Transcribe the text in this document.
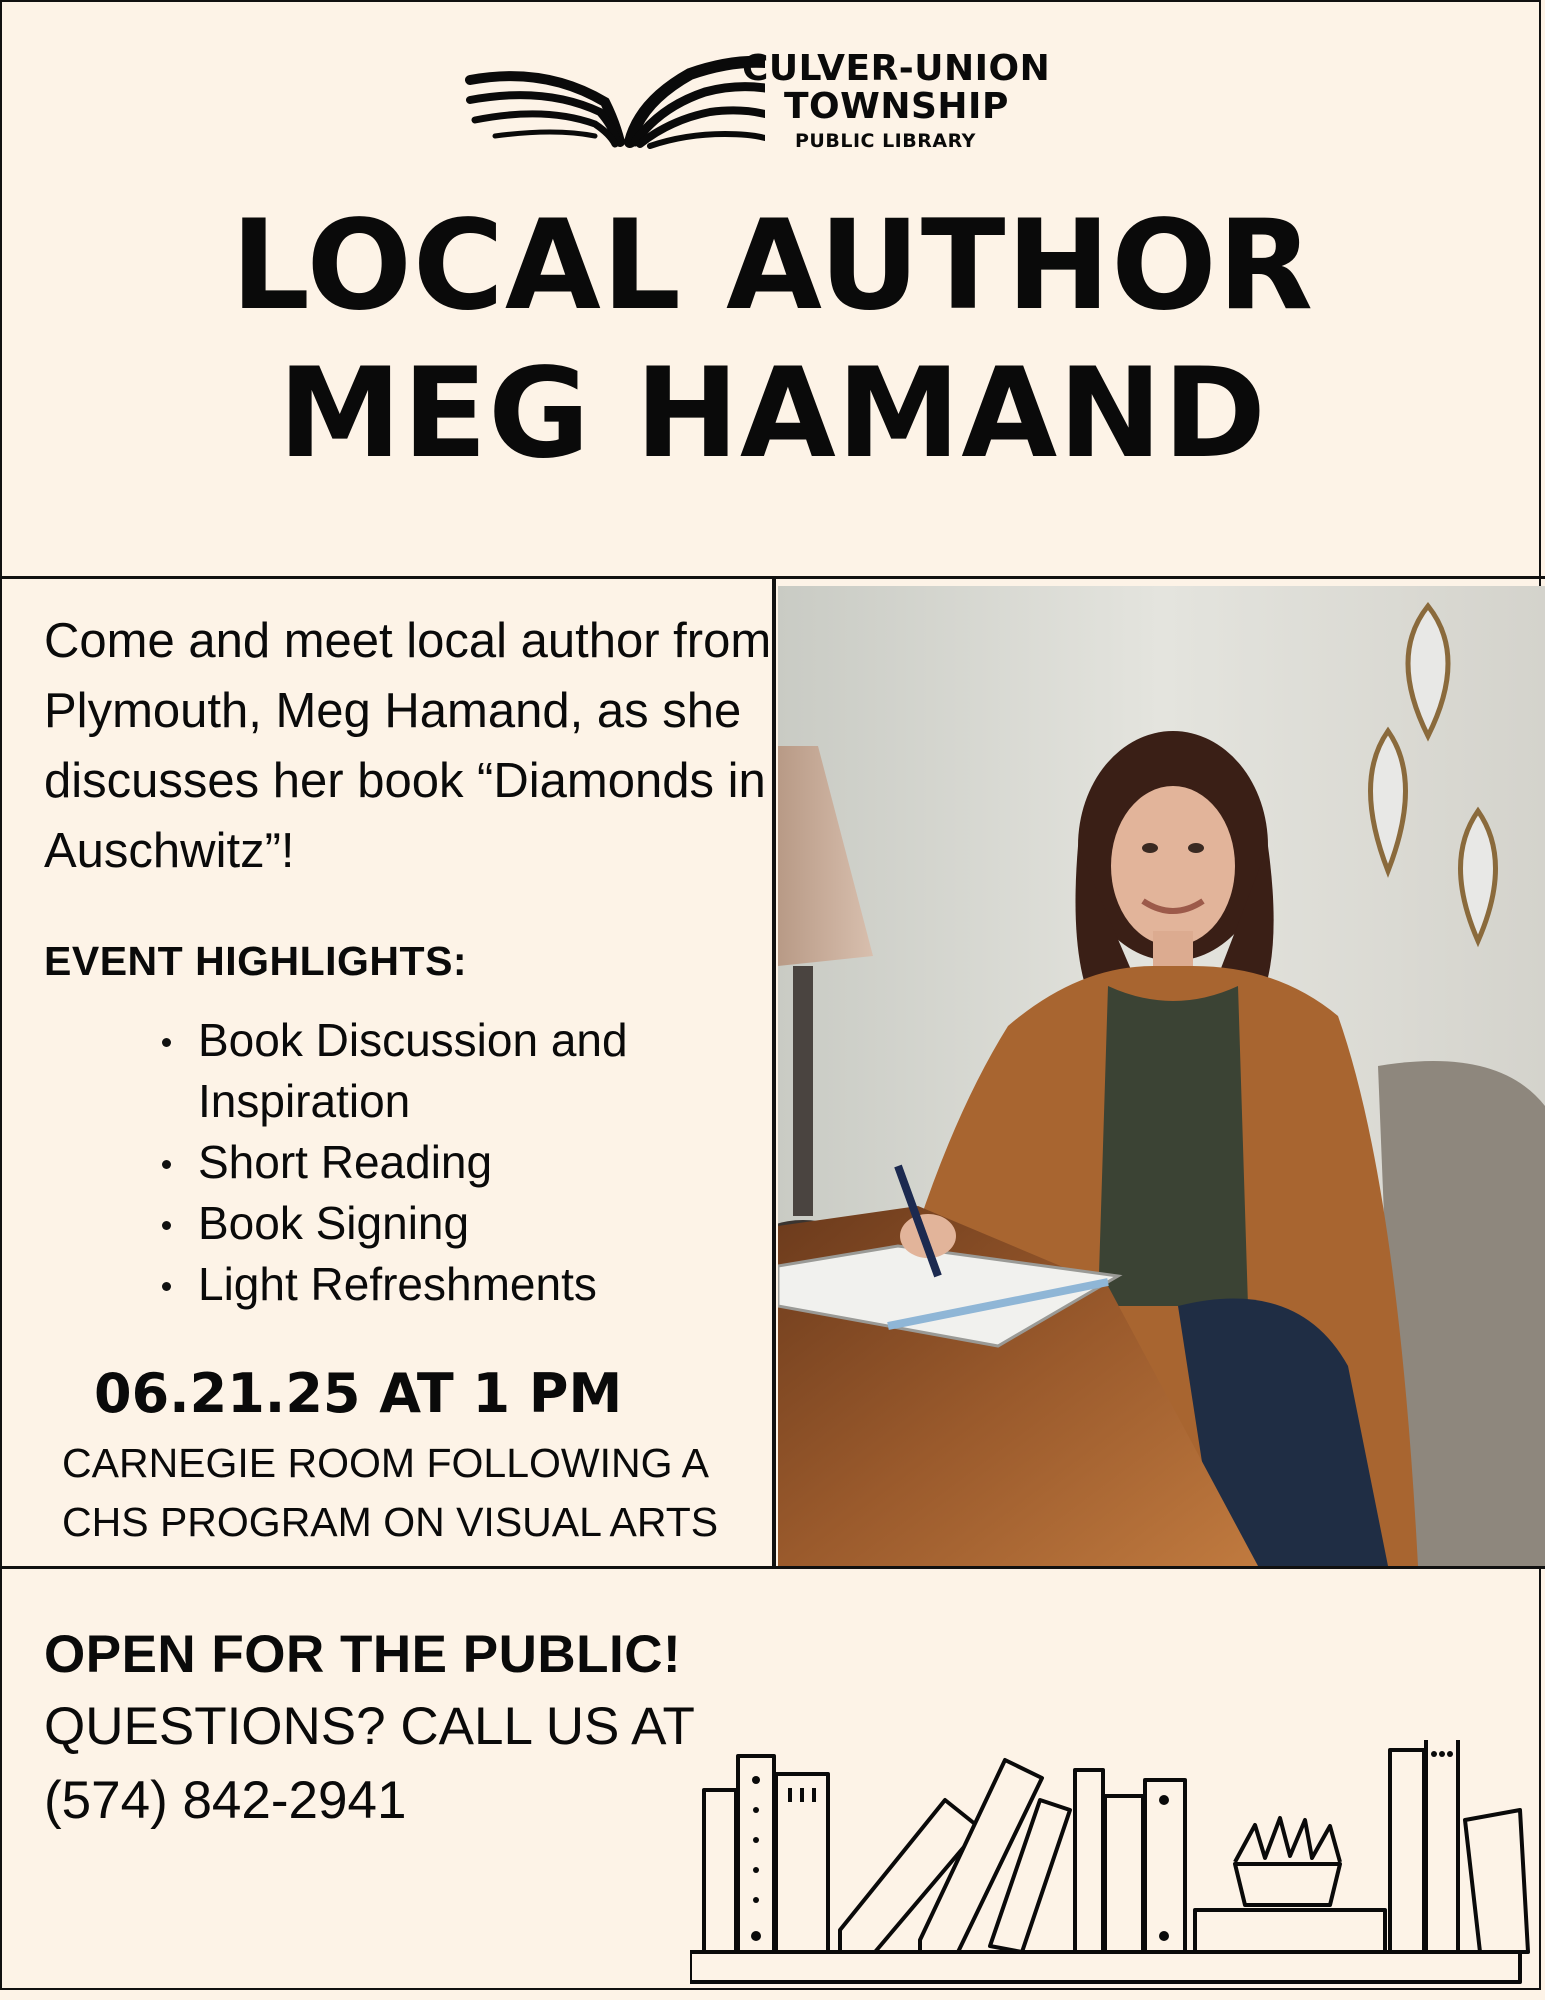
CULVER-UNION
TOWNSHIP
PUBLIC LIBRARY
LOCAL AUTHOR
MEG HAMAND
Come and meet local author from Plymouth, Meg Hamand, as she discusses her book “Diamonds in Auschwitz”!
EVENT HIGHLIGHTS:
Book Discussion and Inspiration
Short Reading
Book Signing
Light Refreshments
06.21.25 AT 1 PM
CARNEGIE ROOM FOLLOWING A CHS PROGRAM ON VISUAL ARTS
OPEN FOR THE PUBLIC!
QUESTIONS? CALL US AT
(574) 842-2941
